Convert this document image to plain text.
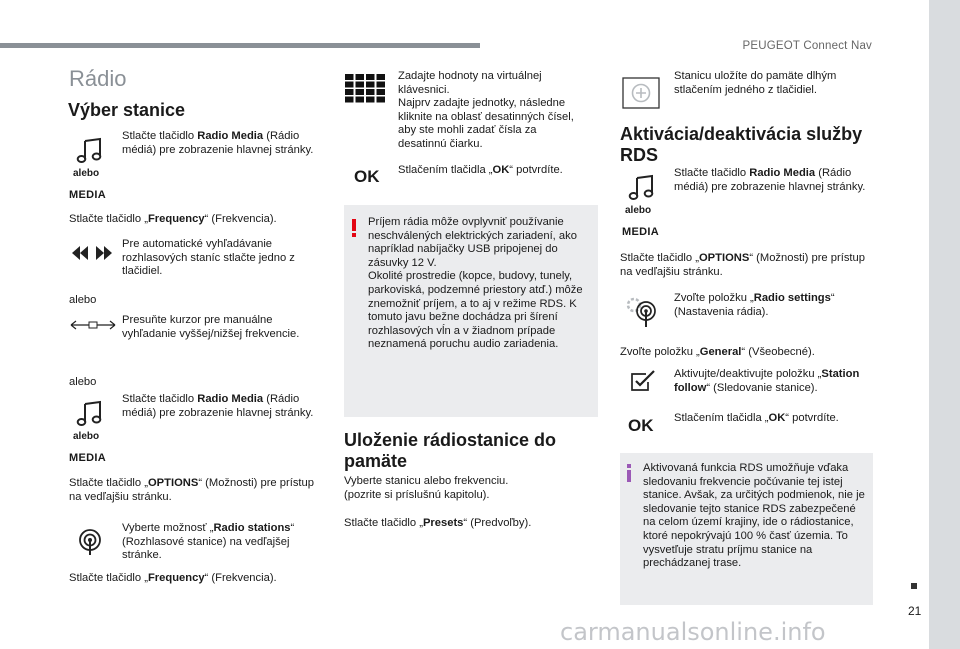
PEUGEOT Connect Nav
Rádio
Výber stanice
alebo
MEDIA
Stlačte tlačidlo Radio Media (Rádio médiá) pre zobrazenie hlavnej stránky.
Stlačte tlačidlo „Frequency“ (Frekvencia).
Pre automatické vyhľadávanie rozhlasových staníc stlačte jedno z tlačidiel.
alebo
Presuňte kurzor pre manuálne vyhľadanie vyššej/nižšej frekvencie.
alebo
alebo
MEDIA
Stlačte tlačidlo Radio Media (Rádio médiá) pre zobrazenie hlavnej stránky.
Stlačte tlačidlo „OPTIONS“ (Možnosti) pre prístup na vedľajšiu stránku.
Vyberte možnosť „Radio stations“ (Rozhlasové stanice) na vedľajšej stránke.
Stlačte tlačidlo „Frequency“ (Frekvencia).
Zadajte hodnoty na virtuálnej klávesnici.
Najprv zadajte jednotky, následne kliknite na oblasť desatinných čísel, aby ste mohli zadať čísla za desatinnú čiarku.
OK Stlačením tlačidla „OK“ potvrdíte.
Príjem rádia môže ovplyvniť používanie neschválených elektrických zariadení, ako napríklad nabíjačky USB pripojenej do zásuvky 12 V.
Okolité prostredie (kopce, budovy, tunely, parkoviská, podzemné priestory atď.) môže znemožniť príjem, a to aj v režime RDS. K tomuto javu bežne dochádza pri šírení rozhlasových vĺn a v žiadnom prípade neznamená poruchu audio zariadenia.
Uloženie rádiostanice do pamäte
Vyberte stanicu alebo frekvenciu.
(pozrite si príslušnú kapitolu).
Stlačte tlačidlo „Presets“ (Predvoľby).
Stanicu uložíte do pamäte dlhým stlačením jedného z tlačidiel.
Aktivácia/deaktivácia služby RDS
alebo
MEDIA
Stlačte tlačidlo Radio Media (Rádio médiá) pre zobrazenie hlavnej stránky.
Stlačte tlačidlo „OPTIONS“ (Možnosti) pre prístup na vedľajšiu stránku.
Zvoľte položku „Radio settings“ (Nastavenia rádia).
Zvoľte položku „General“ (Všeobecné).
Aktivujte/deaktivujte položku „Station follow“ (Sledovanie stanice).
OK Stlačením tlačidla „OK“ potvrdíte.
Aktivovaná funkcia RDS umožňuje vďaka sledovaniu frekvencie počúvanie tej istej stanice. Avšak, za určitých podmienok, nie je sledovanie tejto stanice RDS zabezpečené na celom území krajiny, ide o rádiostanice, ktoré nepokrývajú 100 % časť územia. To vysvetľuje stratu príjmu stanice na prechádzanej trase.
21
carmanualsonline.info
